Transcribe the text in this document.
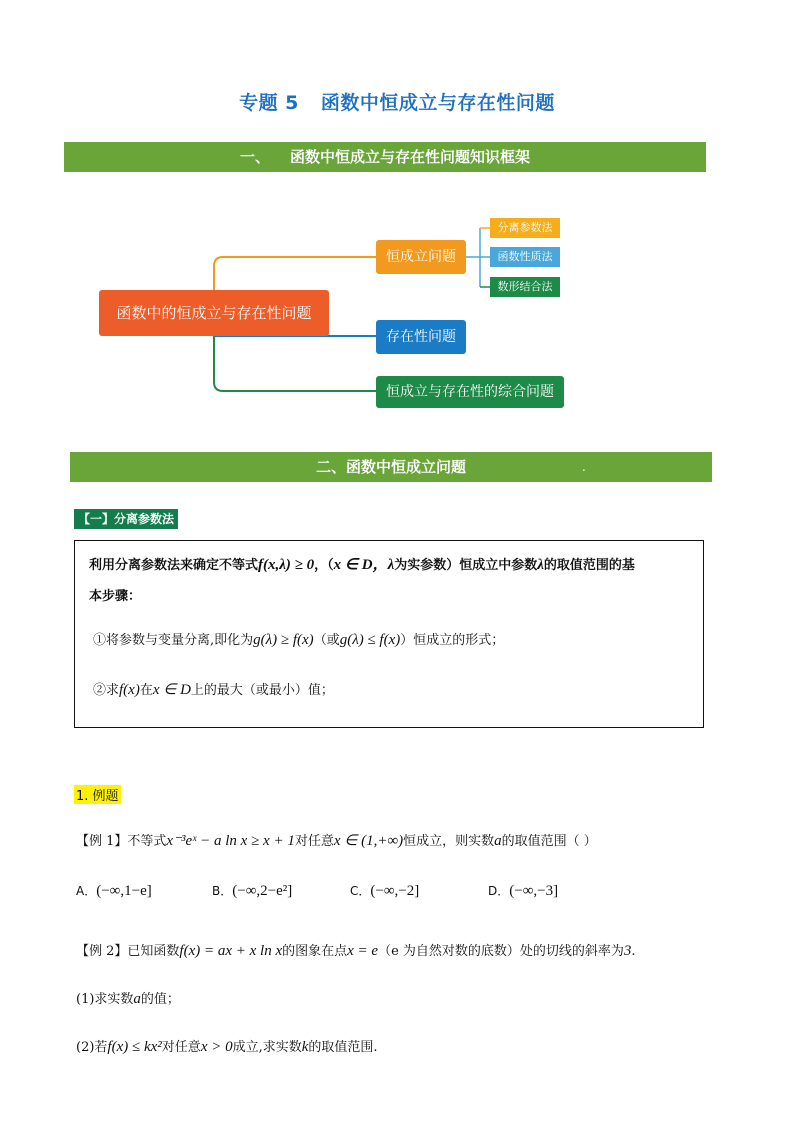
专题 5 函数中恒成立与存在性问题
一、 函数中恒成立与存在性问题知识框架
函数中的恒成立与存在性问题
恒成立问题
存在性问题
恒成立与存在性的综合问题
分离参数法
函数性质法
数形结合法
二、函数中恒成立问题	.
【一】分离参数法
利用分离参数法来确定不等式f(x,λ) ≥ 0，（x ∈ D，λ为实参数）恒成立中参数λ的取值范围的基
本步骤：
①将参数与变量分离,即化为g(λ) ≥ f(x)（或g(λ) ≤ f(x)）恒成立的形式；
②求f(x)在x ∈ D上的最大（或最小）值；
1. 例题
【例 1】不等式x⁻³eˣ − a ln x ≥ x + 1对任意x ∈ (1,+∞)恒成立，则实数a的取值范围（ ）
A．(−∞,1−e]	B．(−∞,2−e²]	C．(−∞,−2]	D．(−∞,−3]
【例 2】已知函数f(x) = ax + x ln x的图象在点x = e（e 为自然对数的底数）处的切线的斜率为3.
(1)求实数a的值；
(2)若f(x) ≤ kx²对任意x > 0成立,求实数k的取值范围.
